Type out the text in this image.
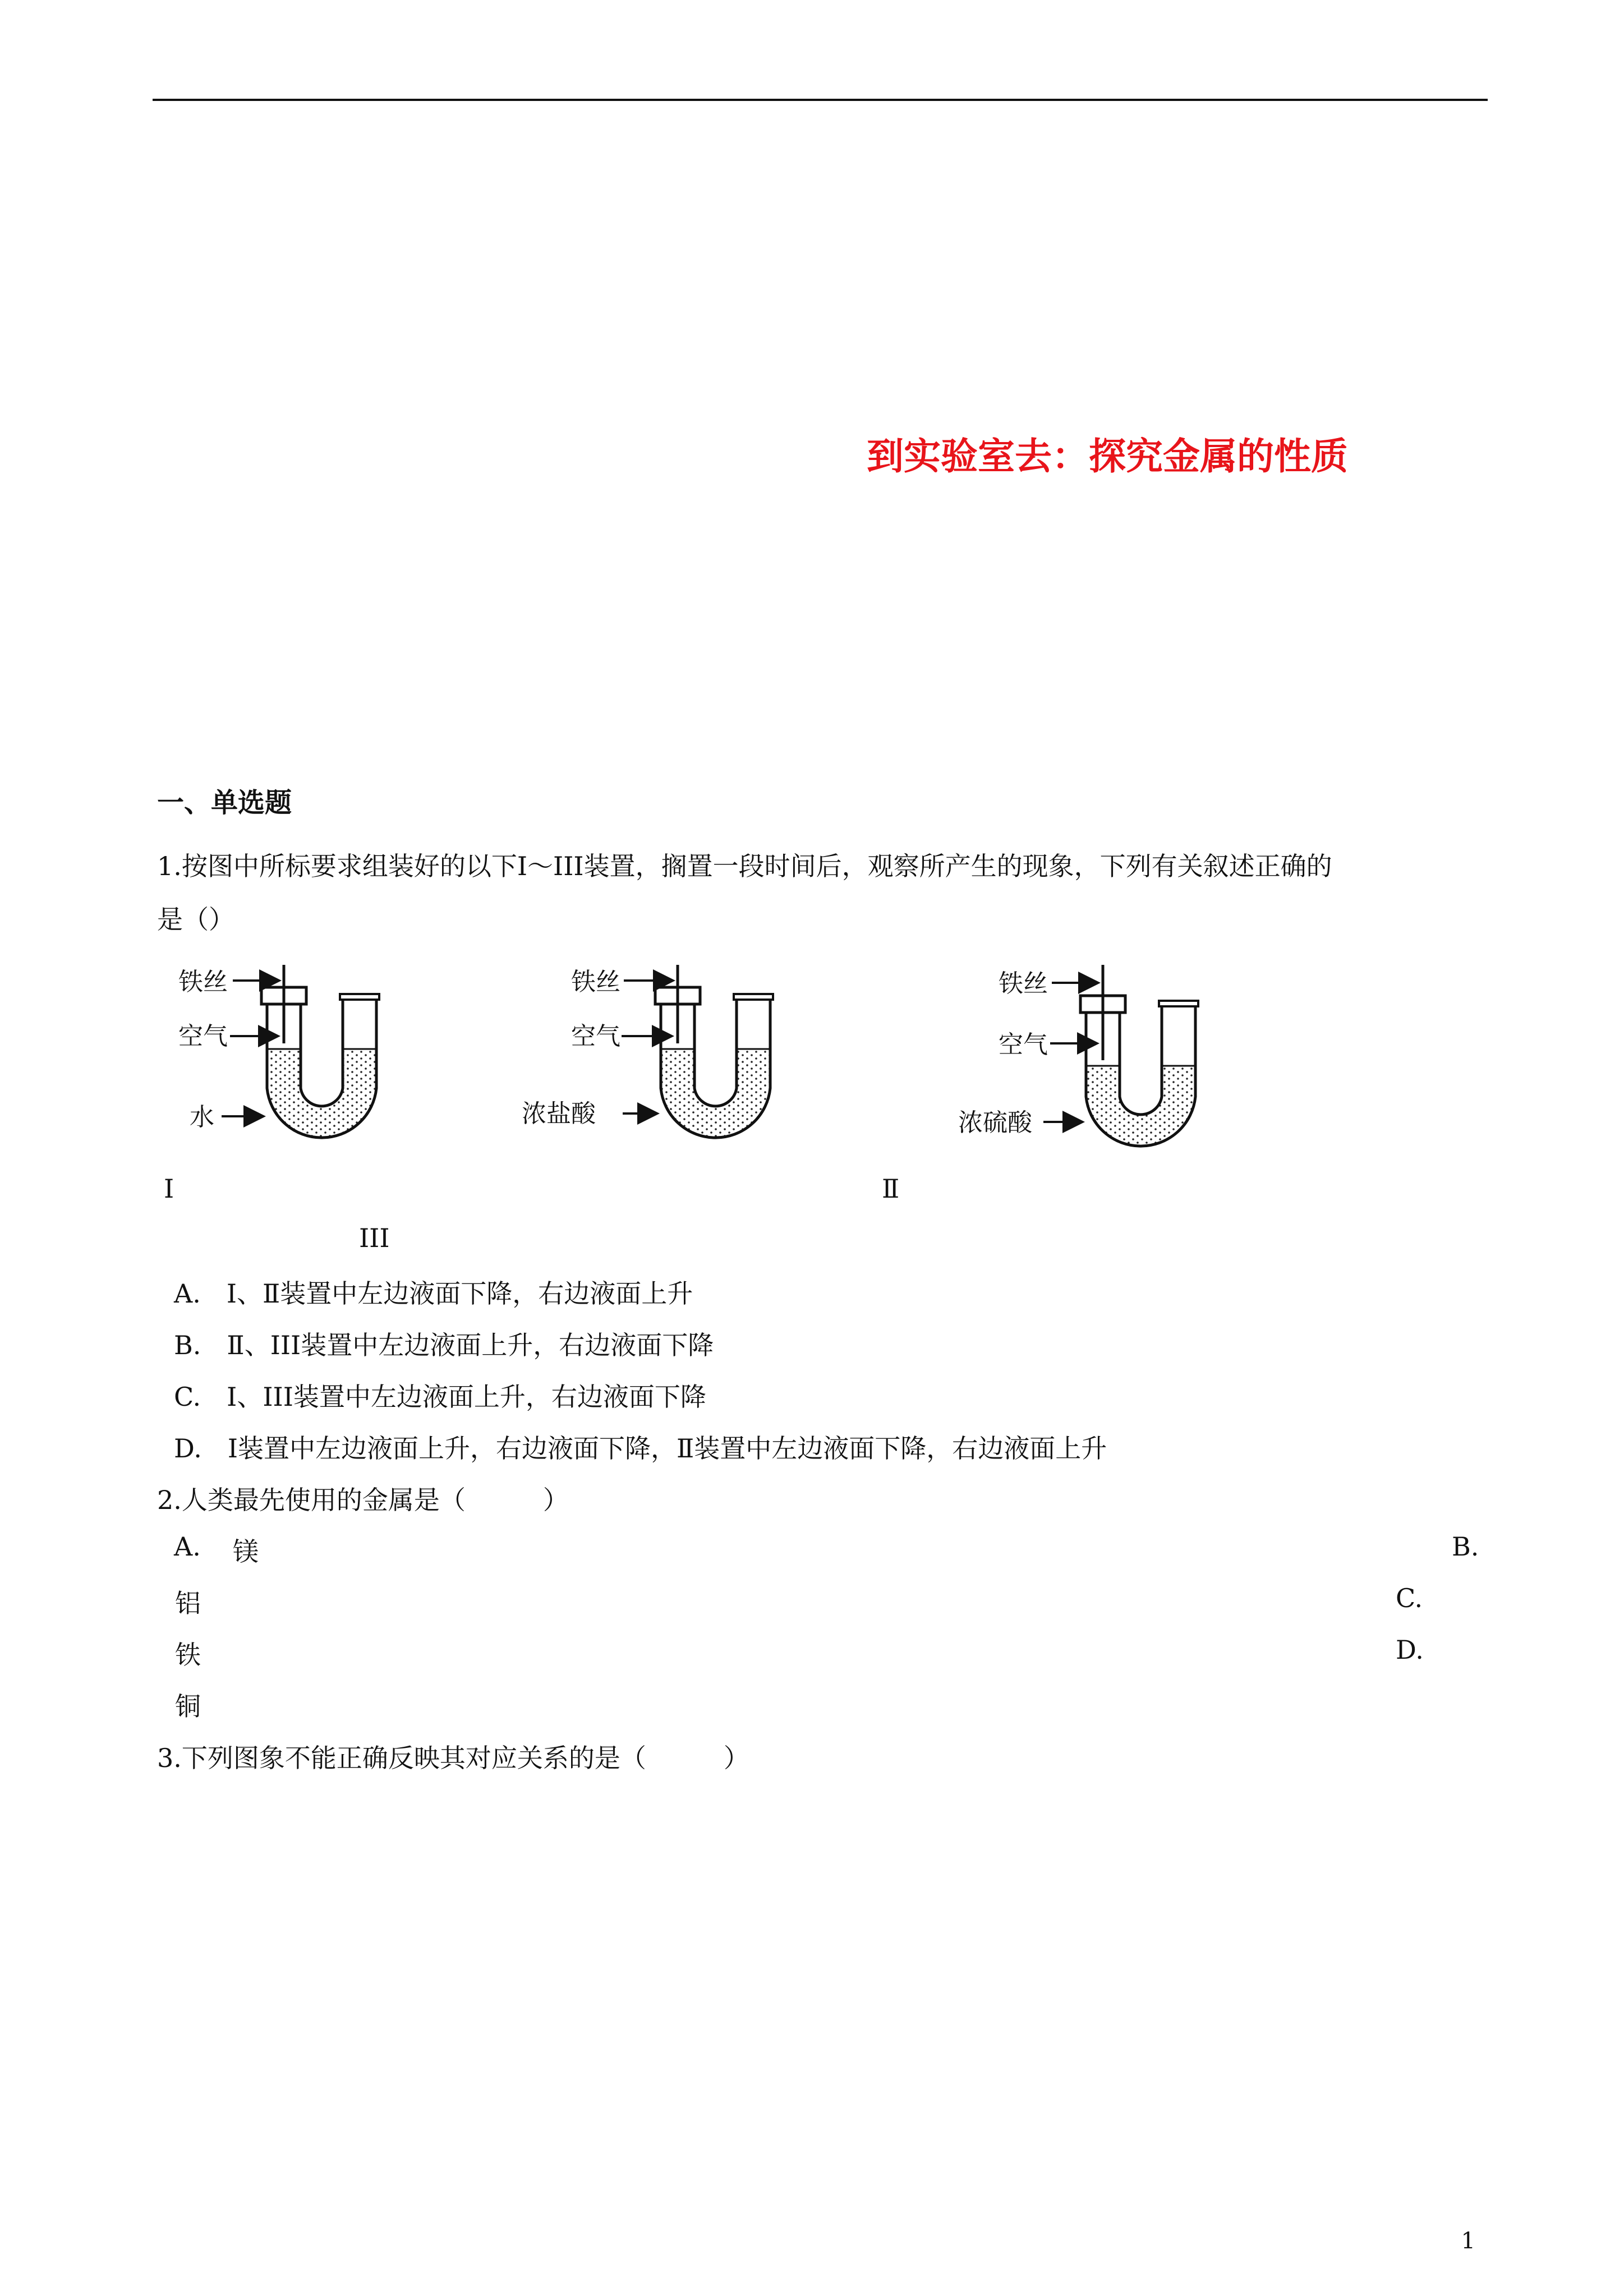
到实验室去：探究金属的性质
一、单选题
1.按图中所标要求组装好的以下Ⅰ～III装置，搁置一段时间后，观察所产生的现象，下列有关叙述正确的
是（）
铁丝
空气
水
铁丝
空气
浓盐酸
铁丝
空气
浓硫酸
Ⅰ	Ⅱ
III
A.　Ⅰ、Ⅱ装置中左边液面下降，右边液面上升
B.　Ⅱ、III装置中左边液面上升，右边液面下降
C.　Ⅰ、III装置中左边液面上升，右边液面下降
D.　Ⅰ装置中左边液面上升，右边液面下降，Ⅱ装置中左边液面下降，右边液面上升
2.人类最先使用的金属是（　　　）
A. 镁	B.
铝	C.
铁	D.
铜
3.下列图象不能正确反映其对应关系的是（　　　）
1
